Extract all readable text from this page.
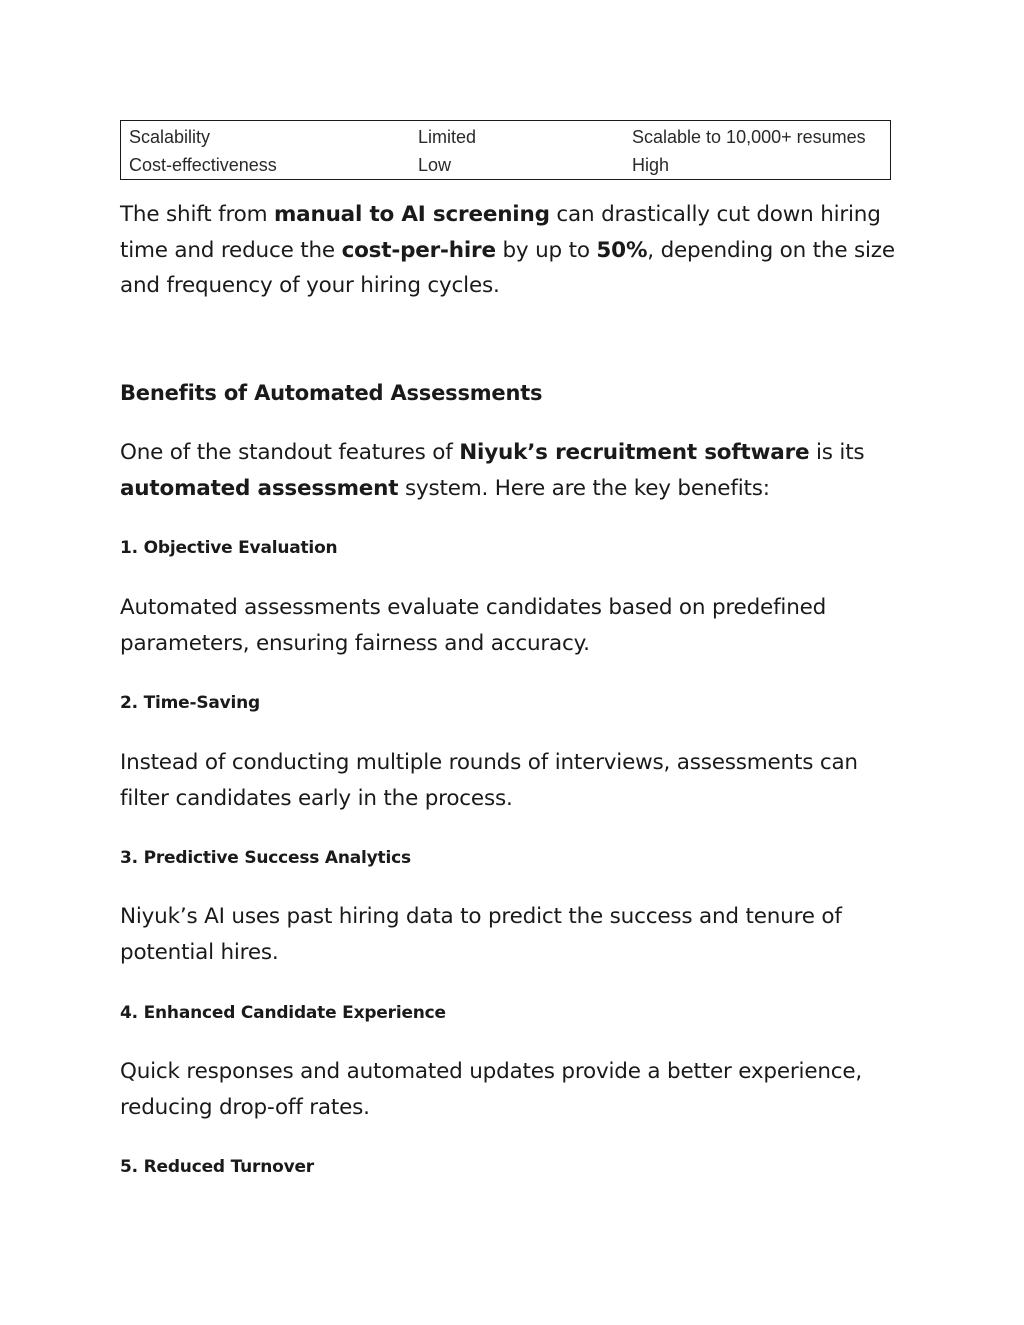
Scalability	Limited	Scalable to 10,000+ resumes
Cost-effectiveness	Low	High

The shift from manual to AI screening can drastically cut down hiring time and reduce the cost-per-hire by up to 50%, depending on the size and frequency of your hiring cycles.

Benefits of Automated Assessments

One of the standout features of Niyuk’s recruitment software is its automated assessment system. Here are the key benefits:

1. Objective Evaluation

Automated assessments evaluate candidates based on predefined parameters, ensuring fairness and accuracy.

2. Time-Saving

Instead of conducting multiple rounds of interviews, assessments can filter candidates early in the process.

3. Predictive Success Analytics

Niyuk’s AI uses past hiring data to predict the success and tenure of potential hires.

4. Enhanced Candidate Experience

Quick responses and automated updates provide a better experience, reducing drop-off rates.

5. Reduced Turnover
